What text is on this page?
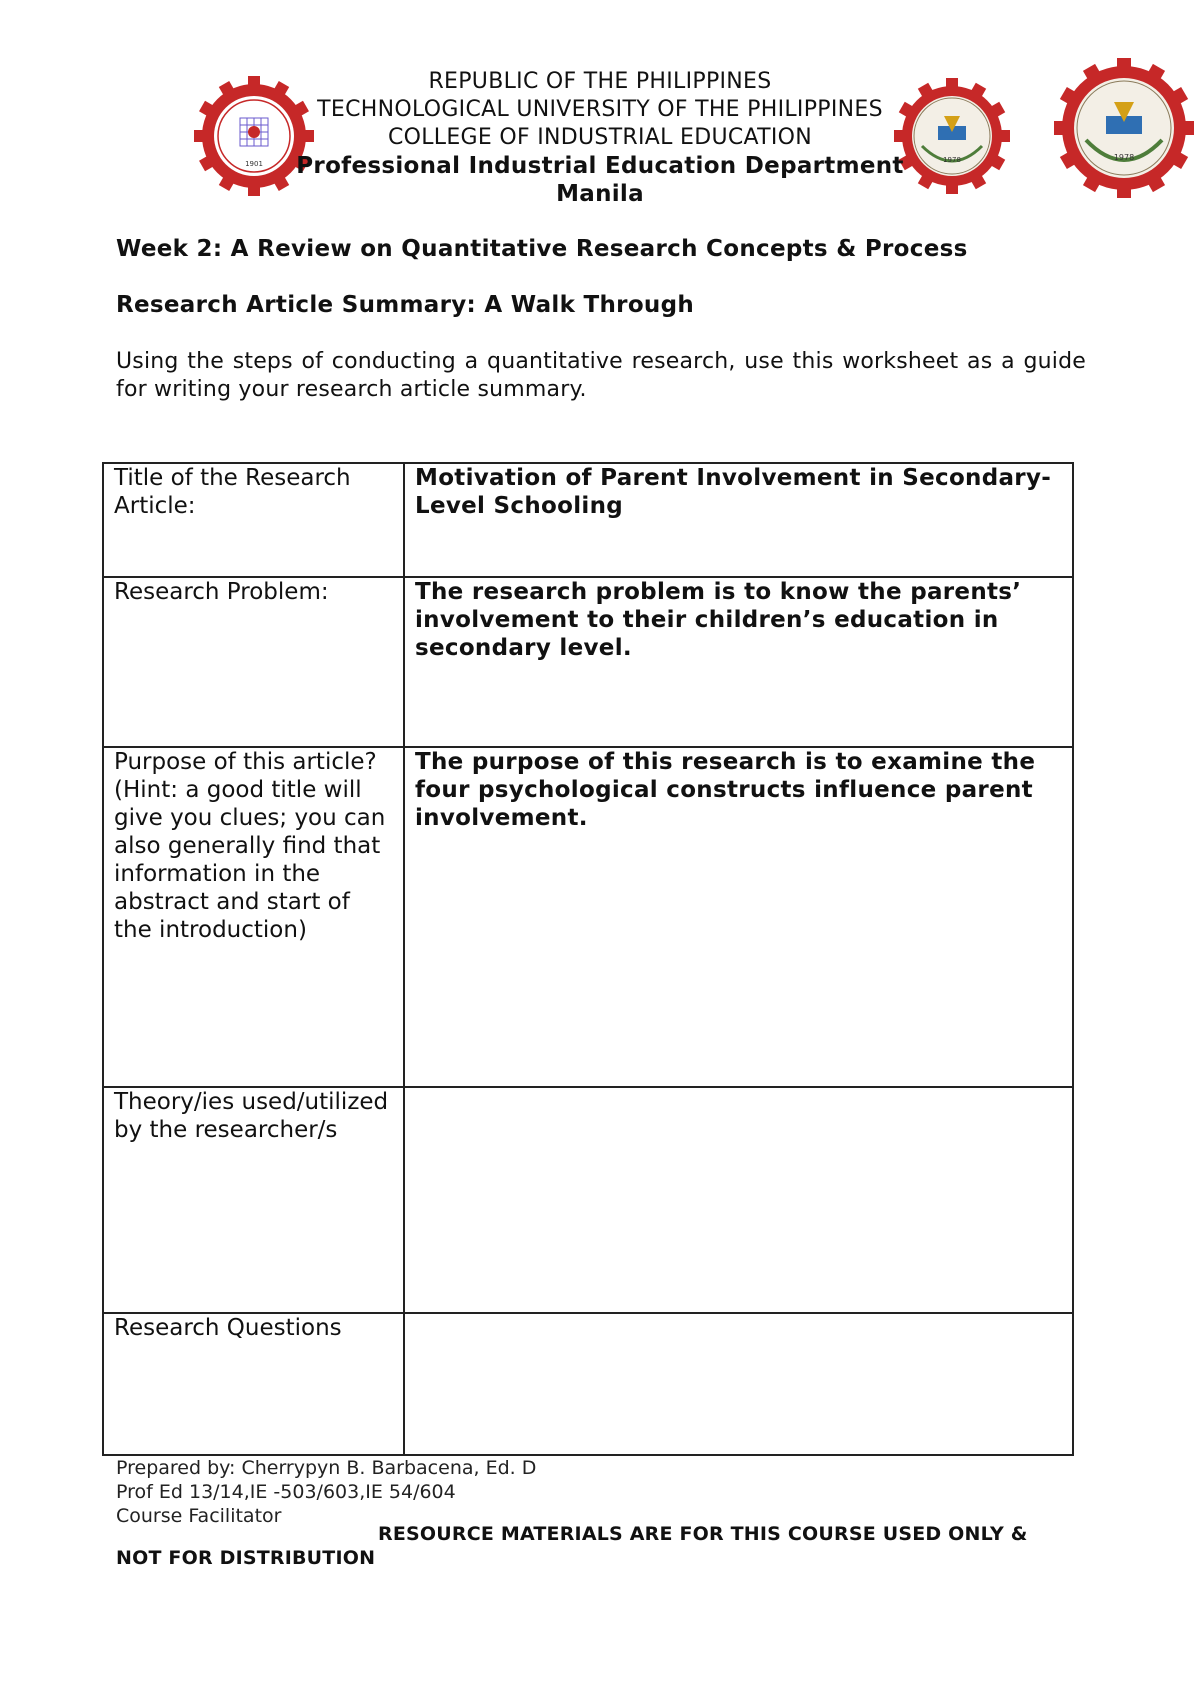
1901	1978	1978
REPUBLIC OF THE PHILIPPINES
TECHNOLOGICAL UNIVERSITY OF THE PHILIPPINES
COLLEGE OF INDUSTRIAL EDUCATION
Professional Industrial Education Department
Manila
Week 2: A Review on Quantitative Research Concepts & Process
Research Article Summary: A Walk Through
Using the steps of conducting a quantitative research, use this worksheet as a guide for writing your research article summary.
Title of the Research Article:	Motivation of Parent Involvement in Secondary-Level Schooling
Research Problem:	The research problem is to know the parents’ involvement to their children’s education in secondary level.
Purpose of this article? (Hint: a good title will give you clues; you can also generally find that information in the abstract and start of the introduction)	The purpose of this research is to examine the four psychological constructs influence parent involvement.
Theory/ies used/utilized by the researcher/s	
Research Questions	
Prepared by: Cherrypyn B. Barbacena, Ed. D
Prof Ed 13/14,IE -503/603,IE 54/604
Course Facilitator
RESOURCE MATERIALS ARE FOR THIS COURSE USED ONLY &
NOT FOR DISTRIBUTION
